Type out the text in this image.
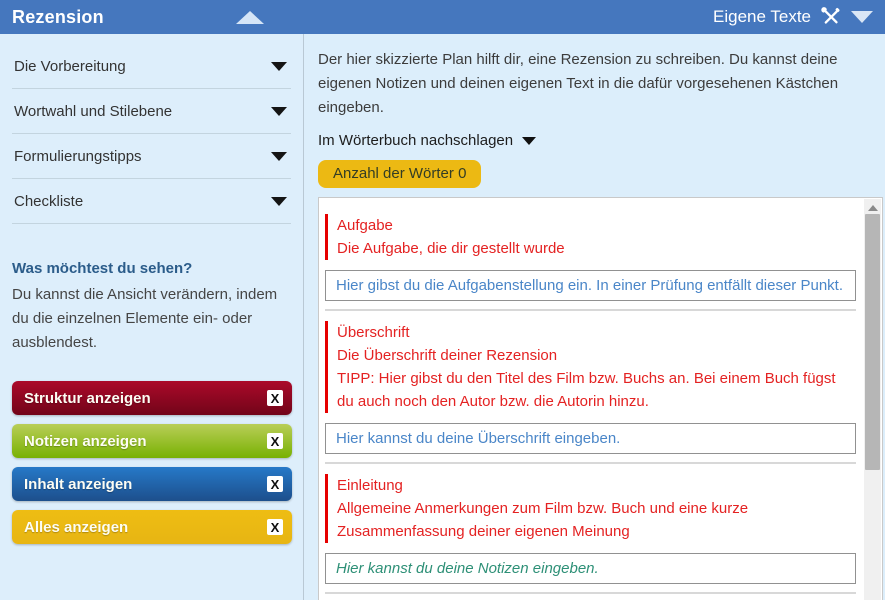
Rezension	Eigene Texte
Die Vorbereitung
Wortwahl und Stilebene
Formulierungstipps
Checkliste
Was möchtest du sehen?
Du kannst die Ansicht verändern, indem du die einzelnen Elemente ein- oder ausblendest.
Struktur anzeigen	X
Notizen anzeigen	X
Inhalt anzeigen	X
Alles anzeigen	X
Der hier skizzierte Plan hilft dir, eine Rezension zu schreiben. Du kannst deine eigenen Notizen und deinen eigenen Text in die dafür vorgesehenen Kästchen eingeben.
Im Wörterbuch nachschlagen
Anzahl der Wörter 0
Aufgabe
Die Aufgabe, die dir gestellt wurde
Hier gibst du die Aufgabenstellung ein. In einer Prüfung entfällt dieser Punkt.
Überschrift
Die Überschrift deiner Rezension
TIPP: Hier gibst du den Titel des Film bzw. Buchs an. Bei einem Buch fügst du auch noch den Autor bzw. die Autorin hinzu.
Hier kannst du deine Überschrift eingeben.
Einleitung
Allgemeine Anmerkungen zum Film bzw. Buch und eine kurze Zusammenfassung deiner eigenen Meinung
Hier kannst du deine Notizen eingeben.
